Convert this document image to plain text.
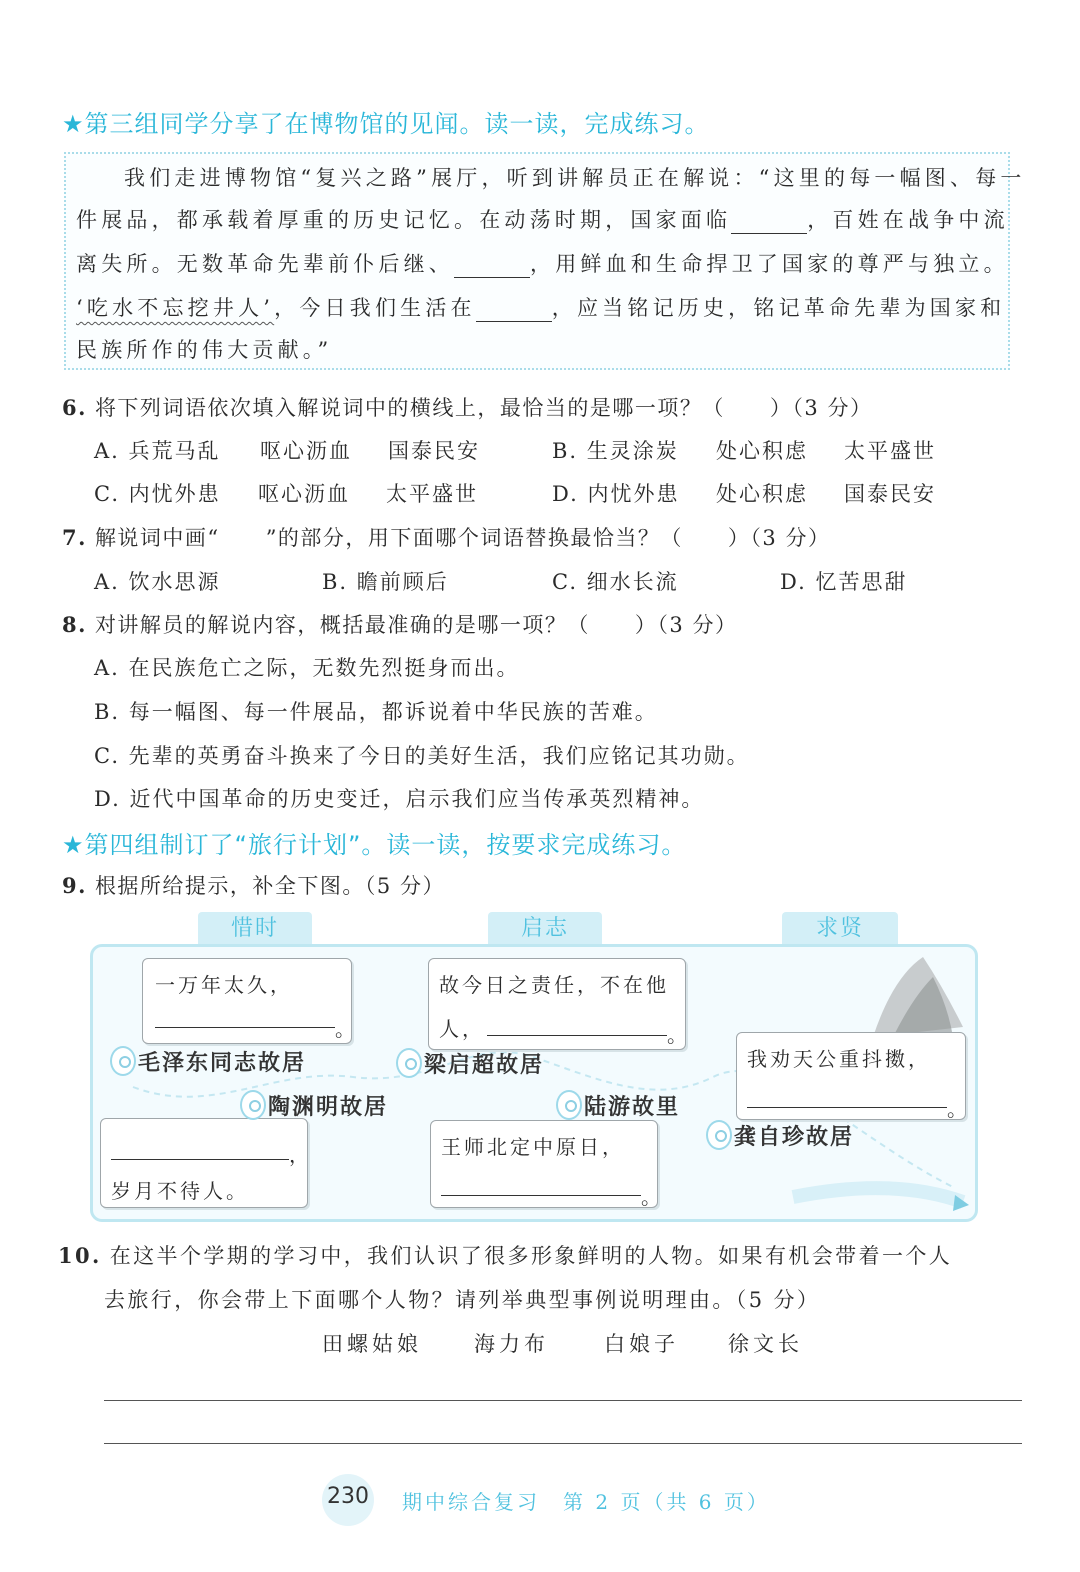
★第三组同学分享了在博物馆的见闻。读一读，完成练习。
我们走进博物馆“复兴之路”展厅，听到讲解员正在解说：“这里的每一幅图、每一
件展品，都承载着厚重的历史记忆。在动荡时期，国家面临	，百姓在战争中流
离失所。无数革命先辈前仆后继、	，用鲜血和生命捍卫了国家的尊严与独立。
‘吃水不忘挖井人’，今日我们生活在	，应当铭记历史，铭记革命先辈为国家和
民族所作的伟大贡献。”
6. 将下列词语依次填入解说词中的横线上，最恰当的是哪一项？（　　）（3 分）
A. 兵荒马乱 呕心沥血 国泰民安	B. 生灵涂炭 处心积虑 太平盛世
C. 内忧外患 呕心沥血 太平盛世	D. 内忧外患 处心积虑 国泰民安
7. 解说词中画“ ”的部分，用下面哪个词语替换最恰当？（　　）（3 分）
A. 饮水思源	B. 瞻前顾后	C. 细水长流	D. 忆苦思甜
8. 对讲解员的解说内容，概括最准确的是哪一项？（　　）（3 分）
A. 在民族危亡之际，无数先烈挺身而出。
B. 每一幅图、每一件展品，都诉说着中华民族的苦难。
C. 先辈的英勇奋斗换来了今日的美好生活，我们应铭记其功勋。
D. 近代中国革命的历史变迁，启示我们应当传承英烈精神。
★第四组制订了“旅行计划”。读一读，按要求完成练习。
9. 根据所给提示，补全下图。（5 分）
惜时	启志	求贤
一万年太久，
。
故今日之责任，不在他
人，	。
我劝天公重抖擞，
。
，
岁月不待人。
王师北定中原日，
。
毛泽东同志故居	梁启超故居
陶渊明故居	陆游故里
龚自珍故居
10. 在这半个学期的学习中，我们认识了很多形象鲜明的人物。如果有机会带着一个人
去旅行，你会带上下面哪个人物？请列举典型事例说明理由。（5 分）
田螺姑娘 海力布	白娘子 徐文长
230 期中综合复习　第 2 页（共 6 页）
